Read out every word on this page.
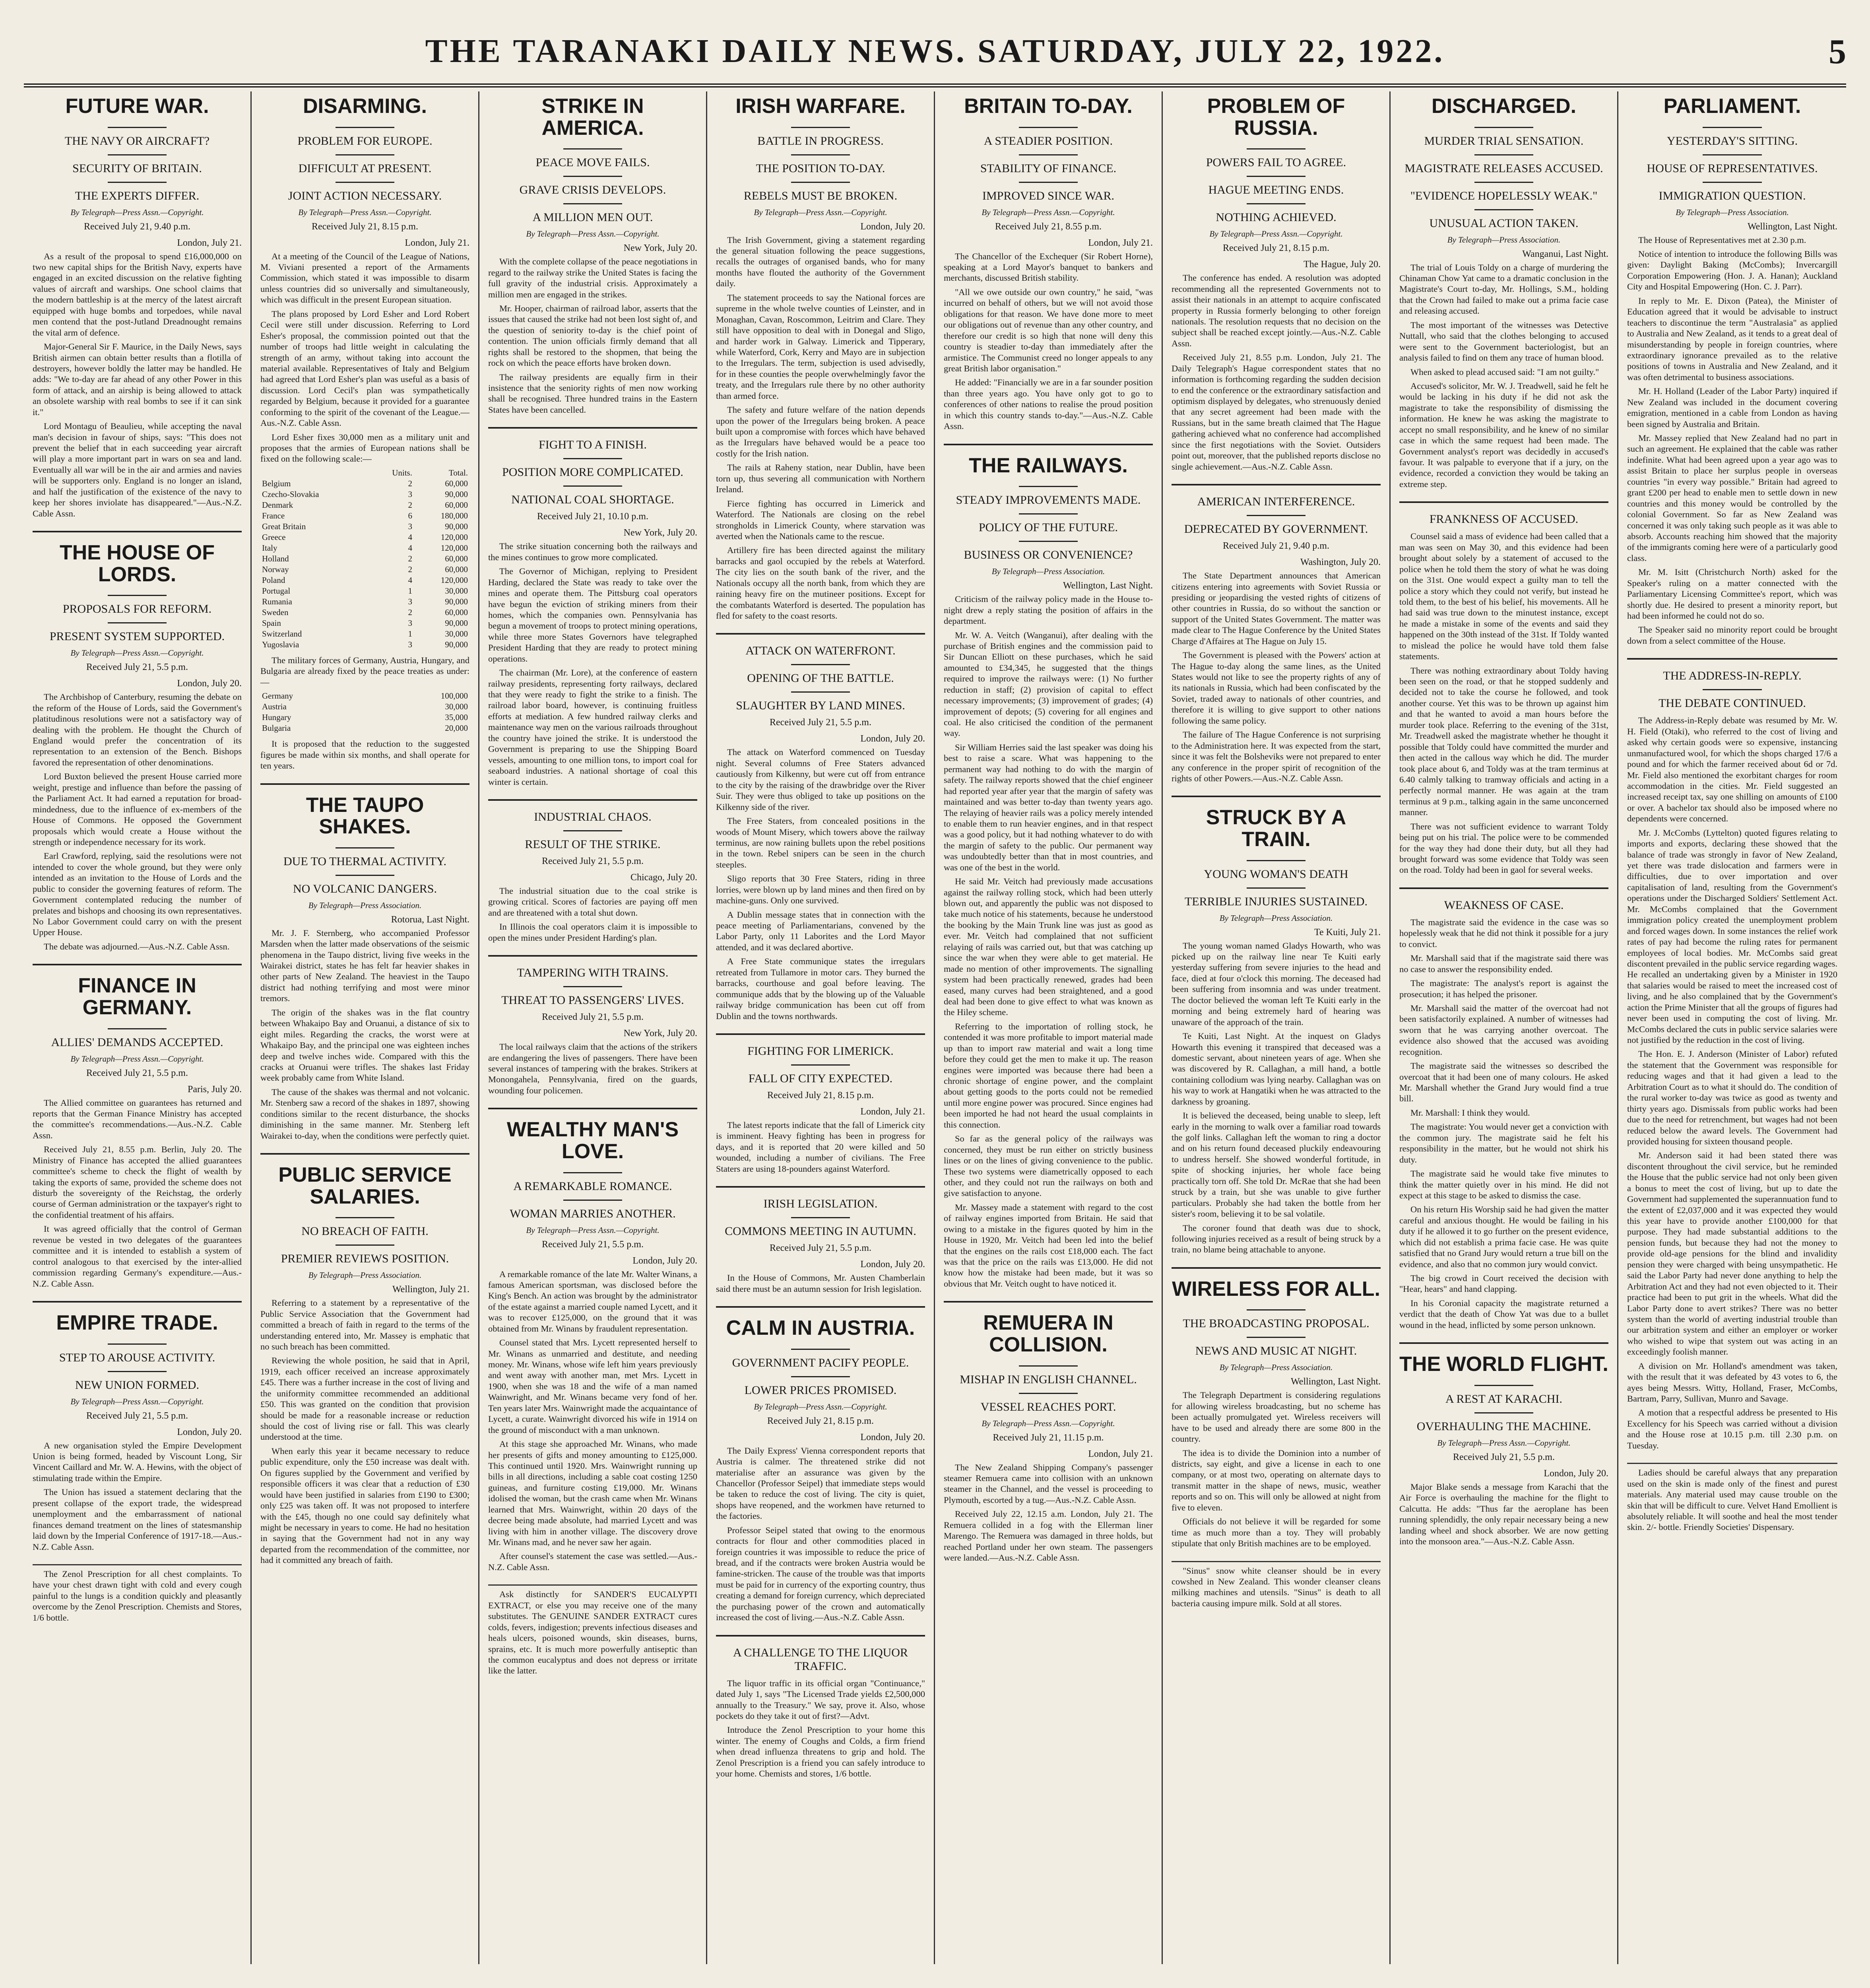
THE TARANAKI DAILY NEWS. SATURDAY, JULY 22, 1922.	5
FUTURE WAR.
THE NAVY OR AIRCRAFT?
SECURITY OF BRITAIN.
THE EXPERTS DIFFER.
By Telegraph—Press Assn.—Copyright.
Received July 21, 9.40 p.m.
London, July 21.

As a result of the proposal to spend £16,000,000 on two new capital ships for the British Navy, experts have engaged in an excited discussion on the relative fighting values of aircraft and warships. One school claims that the modern battleship is at the mercy of the latest aircraft equipped with huge bombs and torpedoes, while naval men contend that the post-Jutland Dreadnought remains the vital arm of defence.

Major-General Sir F. Maurice, in the Daily News, says British airmen can obtain better results than a flotilla of destroyers, however boldly the latter may be handled. He adds: "We to-day are far ahead of any other Power in this form of attack, and an airship is being allowed to attack an obsolete warship with real bombs to see if it can sink it."

Lord Montagu of Beaulieu, while accepting the naval man's decision in favour of ships, says: "This does not prevent the belief that in each succeeding year aircraft will play a more important part in wars on sea and land. Eventually all war will be in the air and armies and navies will be supporters only. England is no longer an island, and half the justification of the existence of the navy to keep her shores inviolate has disappeared."—Aus.-N.Z. Cable Assn.

THE HOUSE OF LORDS.
PROPOSALS FOR REFORM.
PRESENT SYSTEM SUPPORTED.
By Telegraph—Press Assn.—Copyright.
Received July 21, 5.5 p.m.
London, July 20.

The Archbishop of Canterbury, resuming the debate on the reform of the House of Lords, said the Government's platitudinous resolutions were not a satisfactory way of dealing with the problem. He thought the Church of England would prefer the concentration of its representation to an extension of the Bench. Bishops favored the representation of other denominations.

Lord Buxton believed the present House carried more weight, prestige and influence than before the passing of the Parliament Act. It had earned a reputation for broad-mindedness, due to the influence of ex-members of the House of Commons. He opposed the Government proposals which would create a House without the strength or independence necessary for its work.

Earl Crawford, replying, said the resolutions were not intended to cover the whole ground, but they were only intended as an invitation to the House of Lords and the public to consider the governing features of reform. The Government contemplated reducing the number of prelates and bishops and choosing its own representatives. No Labor Government could carry on with the present Upper House.

The debate was adjourned.—Aus.-N.Z. Cable Assn.

FINANCE IN GERMANY.
ALLIES' DEMANDS ACCEPTED.
By Telegraph—Press Assn.—Copyright.
Received July 21, 5.5 p.m.
Paris, July 20.

The Allied committee on guarantees has returned and reports that the German Finance Ministry has accepted the committee's recommendations.—Aus.-N.Z. Cable Assn.

Received July 21, 8.55 p.m. Berlin, July 20. The Ministry of Finance has accepted the allied guarantees committee's scheme to check the flight of wealth by taking the exports of same, provided the scheme does not disturb the sovereignty of the Reichstag, the orderly course of German administration or the taxpayer's right to the confidential treatment of his affairs.

It was agreed officially that the control of German revenue be vested in two delegates of the guarantees committee and it is intended to establish a system of control analogous to that exercised by the inter-allied commission regarding Germany's expenditure.—Aus.-N.Z. Cable Assn.

EMPIRE TRADE.
STEP TO AROUSE ACTIVITY.
NEW UNION FORMED.
By Telegraph—Press Assn.—Copyright.
Received July 21, 5.5 p.m.
London, July 20.

A new organisation styled the Empire Development Union is being formed, headed by Viscount Long, Sir Vincent Caillard and Mr. W. A. Hewins, with the object of stimulating trade within the Empire.

The Union has issued a statement declaring that the present collapse of the export trade, the widespread unemployment and the embarrassment of national finances demand treatment on the lines of statesmanship laid down by the Imperial Conference of 1917-18.—Aus.-N.Z. Cable Assn.

The Zenol Prescription for all chest complaints. To have your chest drawn tight with cold and every cough painful to the lungs is a condition quickly and pleasantly overcome by the Zenol Prescription. Chemists and Stores, 1/6 bottle.

DISARMING.
PROBLEM FOR EUROPE.
DIFFICULT AT PRESENT.
JOINT ACTION NECESSARY.
By Telegraph—Press Assn.—Copyright.
Received July 21, 8.15 p.m.
London, July 21.

At a meeting of the Council of the League of Nations, M. Viviani presented a report of the Armaments Commission, which stated it was impossible to disarm unless countries did so universally and simultaneously, which was difficult in the present European situation.

The plans proposed by Lord Esher and Lord Robert Cecil were still under discussion. Referring to Lord Esher's proposal, the commission pointed out that the number of troops had little weight in calculating the strength of an army, without taking into account the material available. Representatives of Italy and Belgium had agreed that Lord Esher's plan was useful as a basis of discussion. Lord Cecil's plan was sympathetically regarded by Belgium, because it provided for a guarantee conforming to the spirit of the covenant of the League.—Aus.-N.Z. Cable Assn.

Lord Esher fixes 30,000 men as a military unit and proposes that the armies of European nations shall be fixed on the following scale:—

	Units.	Total.
Belgium	2	60,000
Czecho-Slovakia	3	90,000
Denmark	2	60,000
France	6	180,000
Great Britain	3	90,000
Greece	4	120,000
Italy	4	120,000
Holland	2	60,000
Norway	2	60,000
Poland	4	120,000
Portugal	1	30,000
Rumania	3	90,000
Sweden	2	60,000
Spain	3	90,000
Switzerland	1	30,000
Yugoslavia	3	90,000

The military forces of Germany, Austria, Hungary, and Bulgaria are already fixed by the peace treaties as under:—

Germany	100,000
Austria	30,000
Hungary	35,000
Bulgaria	20,000

It is proposed that the reduction to the suggested figures be made within six months, and shall operate for ten years.

THE TAUPO SHAKES.
DUE TO THERMAL ACTIVITY.
NO VOLCANIC DANGERS.
By Telegraph—Press Association.
Rotorua, Last Night.

Mr. J. F. Sternberg, who accompanied Professor Marsden when the latter made observations of the seismic phenomena in the Taupo district, living five weeks in the Wairakei district, states he has felt far heavier shakes in other parts of New Zealand. The heaviest in the Taupo district had nothing terrifying and most were minor tremors.

The origin of the shakes was in the flat country between Whakaipo Bay and Oruanui, a distance of six to eight miles. Regarding the cracks, the worst were at Whakaipo Bay, and the principal one was eighteen inches deep and twelve inches wide. Compared with this the cracks at Oruanui were trifles. The shakes last Friday week probably came from White Island.

The cause of the shakes was thermal and not volcanic. Mr. Stenberg saw a record of the shakes in 1897, showing conditions similar to the recent disturbance, the shocks diminishing in the same manner. Mr. Stenberg left Wairakei to-day, when the conditions were perfectly quiet.

PUBLIC SERVICE SALARIES.
NO BREACH OF FAITH.
PREMIER REVIEWS POSITION.
By Telegraph—Press Association.
Wellington, July 21.

Referring to a statement by a representative of the Public Service Association that the Government had committed a breach of faith in regard to the terms of the understanding entered into, Mr. Massey is emphatic that no such breach has been committed.

Reviewing the whole position, he said that in April, 1919, each officer received an increase approximately £45. There was a further increase in the cost of living and the uniformity committee recommended an additional £50. This was granted on the condition that provision should be made for a reasonable increase or reduction should the cost of living rise or fall. This was clearly understood at the time.

When early this year it became necessary to reduce public expenditure, only the £50 increase was dealt with. On figures supplied by the Government and verified by responsible officers it was clear that a reduction of £30 would have been justified in salaries from £190 to £300; only £25 was taken off. It was not proposed to interfere with the £45, though no one could say definitely what might be necessary in years to come. He had no hesitation in saying that the Government had not in any way departed from the recommendation of the committee, nor had it committed any breach of faith.

STRIKE IN AMERICA.
PEACE MOVE FAILS.
GRAVE CRISIS DEVELOPS.
A MILLION MEN OUT.
By Telegraph—Press Assn.—Copyright.
New York, July 20.

With the complete collapse of the peace negotiations in regard to the railway strike the United States is facing the full gravity of the industrial crisis. Approximately a million men are engaged in the strikes.

Mr. Hooper, chairman of railroad labor, asserts that the issues that caused the strike had not been lost sight of, and the question of seniority to-day is the chief point of contention. The union officials firmly demand that all rights shall be restored to the shopmen, that being the rock on which the peace efforts have broken down.

The railway presidents are equally firm in their insistence that the seniority rights of men now working shall be recognised. Three hundred trains in the Eastern States have been cancelled.

FIGHT TO A FINISH.
POSITION MORE COMPLICATED.
NATIONAL COAL SHORTAGE.
Received July 21, 10.10 p.m.
New York, July 20.

The strike situation concerning both the railways and the mines continues to grow more complicated.

The Governor of Michigan, replying to President Harding, declared the State was ready to take over the mines and operate them. The Pittsburg coal operators have begun the eviction of striking miners from their homes, which the companies own. Pennsylvania has begun a movement of troops to protect mining operations, while three more States Governors have telegraphed President Harding that they are ready to protect mining operations.

The chairman (Mr. Lore), at the conference of eastern railway presidents, representing forty railways, declared that they were ready to fight the strike to a finish. The railroad labor board, however, is continuing fruitless efforts at mediation. A few hundred railway clerks and maintenance way men on the various railroads throughout the country have joined the strike. It is understood the Government is preparing to use the Shipping Board vessels, amounting to one million tons, to import coal for seaboard industries. A national shortage of coal this winter is certain.

INDUSTRIAL CHAOS.
RESULT OF THE STRIKE.
Received July 21, 5.5 p.m.
Chicago, July 20.

The industrial situation due to the coal strike is growing critical. Scores of factories are paying off men and are threatened with a total shut down.

In Illinois the coal operators claim it is impossible to open the mines under President Harding's plan.

TAMPERING WITH TRAINS.
THREAT TO PASSENGERS' LIVES.
Received July 21, 5.5 p.m.
New York, July 20.

The local railways claim that the actions of the strikers are endangering the lives of passengers. There have been several instances of tampering with the brakes. Strikers at Monongahela, Pennsylvania, fired on the guards, wounding four policemen.

WEALTHY MAN'S LOVE.
A REMARKABLE ROMANCE.
WOMAN MARRIES ANOTHER.
By Telegraph—Press Assn.—Copyright.
Received July 21, 5.5 p.m.
London, July 20.

A remarkable romance of the late Mr. Walter Winans, a famous American sportsman, was disclosed before the King's Bench. An action was brought by the administrator of the estate against a married couple named Lycett, and it was to recover £125,000, on the ground that it was obtained from Mr. Winans by fraudulent representation.

Counsel stated that Mrs. Lycett represented herself to Mr. Winans as unmarried and destitute, and needing money. Mr. Winans, whose wife left him years previously and went away with another man, met Mrs. Lycett in 1900, when she was 18 and the wife of a man named Wainwright, and Mr. Winans became very fond of her. Ten years later Mrs. Wainwright made the acquaintance of Lycett, a curate. Wainwright divorced his wife in 1914 on the ground of misconduct with a man unknown.

At this stage she approached Mr. Winans, who made her presents of gifts and money amounting to £125,000. This continued until 1920. Mrs. Wainwright running up bills in all directions, including a sable coat costing 1250 guineas, and furniture costing £19,000. Mr. Winans idolised the woman, but the crash came when Mr. Winans learned that Mrs. Wainwright, within 20 days of the decree being made absolute, had married Lycett and was living with him in another village. The discovery drove Mr. Winans mad, and he never saw her again.

After counsel's statement the case was settled.—Aus.-N.Z. Cable Assn.

Ask distinctly for SANDER'S EUCALYPTI EXTRACT, or else you may receive one of the many substitutes. The GENUINE SANDER EXTRACT cures colds, fevers, indigestion; prevents infectious diseases and heals ulcers, poisoned wounds, skin diseases, burns, sprains, etc. It is much more powerfully antiseptic than the common eucalyptus and does not depress or irritate like the latter.

IRISH WARFARE.
BATTLE IN PROGRESS.
THE POSITION TO-DAY.
REBELS MUST BE BROKEN.
By Telegraph—Press Assn.—Copyright.
London, July 20.

The Irish Government, giving a statement regarding the general situation following the peace suggestions, recalls the outrages of organised bands, who for many months have flouted the authority of the Government daily.

The statement proceeds to say the National forces are supreme in the whole twelve counties of Leinster, and in Monaghan, Cavan, Roscommon, Leitrim and Clare. They still have opposition to deal with in Donegal and Sligo, and harder work in Galway. Limerick and Tipperary, while Waterford, Cork, Kerry and Mayo are in subjection to the Irregulars. The term, subjection is used advisedly, for in these counties the people overwhelmingly favor the treaty, and the Irregulars rule there by no other authority than armed force.

The safety and future welfare of the nation depends upon the power of the Irregulars being broken. A peace built upon a compromise with forces which have behaved as the Irregulars have behaved would be a peace too costly for the Irish nation.

The rails at Raheny station, near Dublin, have been torn up, thus severing all communication with Northern Ireland.

Fierce fighting has occurred in Limerick and Waterford. The Nationals are closing on the rebel strongholds in Limerick County, where starvation was averted when the Nationals came to the rescue.

Artillery fire has been directed against the military barracks and gaol occupied by the rebels at Waterford. The city lies on the south bank of the river, and the Nationals occupy all the north bank, from which they are raining heavy fire on the mutineer positions. Except for the combatants Waterford is deserted. The population has fled for safety to the coast resorts.

ATTACK ON WATERFRONT.
OPENING OF THE BATTLE.
SLAUGHTER BY LAND MINES.
Received July 21, 5.5 p.m.
London, July 20.

The attack on Waterford commenced on Tuesday night. Several columns of Free Staters advanced cautiously from Kilkenny, but were cut off from entrance to the city by the raising of the drawbridge over the River Suir. They were thus obliged to take up positions on the Kilkenny side of the river.

The Free Staters, from concealed positions in the woods of Mount Misery, which towers above the railway terminus, are now raining bullets upon the rebel positions in the town. Rebel snipers can be seen in the church steeples.

Sligo reports that 30 Free Staters, riding in three lorries, were blown up by land mines and then fired on by machine-guns. Only one survived.

A Dublin message states that in connection with the peace meeting of Parliamentarians, convened by the Labor Party, only 11 Laborites and the Lord Mayor attended, and it was declared abortive.

A Free State communique states the irregulars retreated from Tullamore in motor cars. They burned the barracks, courthouse and goal before leaving. The communique adds that by the blowing up of the Valuable railway bridge communication has been cut off from Dublin and the towns northwards.

FIGHTING FOR LIMERICK.
FALL OF CITY EXPECTED.
Received July 21, 8.15 p.m.
London, July 21.

The latest reports indicate that the fall of Limerick city is imminent. Heavy fighting has been in progress for days, and it is reported that 20 were killed and 50 wounded, including a number of civilians. The Free Staters are using 18-pounders against Waterford.

IRISH LEGISLATION.
COMMONS MEETING IN AUTUMN.
Received July 21, 5.5 p.m.
London, July 20.

In the House of Commons, Mr. Austen Chamberlain said there must be an autumn session for Irish legislation.

CALM IN AUSTRIA.
GOVERNMENT PACIFY PEOPLE.
LOWER PRICES PROMISED.
By Telegraph—Press Assn.—Copyright.
Received July 21, 8.15 p.m.
London, July 20.

The Daily Express' Vienna correspondent reports that Austria is calmer. The threatened strike did not materialise after an assurance was given by the Chancellor (Professor Seipel) that immediate steps would be taken to reduce the cost of living. The city is quiet, shops have reopened, and the workmen have returned to the factories.

Professor Seipel stated that owing to the enormous contracts for flour and other commodities placed in foreign countries it was impossible to reduce the price of bread, and if the contracts were broken Austria would be famine-stricken. The cause of the trouble was that imports must be paid for in currency of the exporting country, thus creating a demand for foreign currency, which depreciated the purchasing power of the crown and automatically increased the cost of living.—Aus.-N.Z. Cable Assn.

A CHALLENGE TO THE LIQUOR TRAFFIC.

The liquor traffic in its official organ "Continuance," dated July 1, says "The Licensed Trade yields £2,500,000 annually to the Treasury." We say, prove it. Also, whose pockets do they take it out of first?—Advt.

Introduce the Zenol Prescription to your home this winter. The enemy of Coughs and Colds, a firm friend when dread influenza threatens to grip and hold. The Zenol Prescription is a friend you can safely introduce to your home. Chemists and stores, 1/6 bottle.

BRITAIN TO-DAY.
A STEADIER POSITION.
STABILITY OF FINANCE.
IMPROVED SINCE WAR.
By Telegraph—Press Assn.—Copyright.
Received July 21, 8.55 p.m.
London, July 21.

The Chancellor of the Exchequer (Sir Robert Horne), speaking at a Lord Mayor's banquet to bankers and merchants, discussed British stability.

"All we owe outside our own country," he said, "was incurred on behalf of others, but we will not avoid those obligations for that reason. We have done more to meet our obligations out of revenue than any other country, and therefore our credit is so high that none will deny this country is steadier to-day than immediately after the armistice. The Communist creed no longer appeals to any great British labor organisation."

He added: "Financially we are in a far sounder position than three years ago. You have only got to go to conferences of other nations to realise the proud position in which this country stands to-day."—Aus.-N.Z. Cable Assn.

THE RAILWAYS.
STEADY IMPROVEMENTS MADE.
POLICY OF THE FUTURE.
BUSINESS OR CONVENIENCE?
By Telegraph—Press Association.
Wellington, Last Night.

Criticism of the railway policy made in the House to-night drew a reply stating the position of affairs in the department.

Mr. W. A. Veitch (Wanganui), after dealing with the purchase of British engines and the commission paid to Sir Duncan Elliott on these purchases, which he said amounted to £34,345, he suggested that the things required to improve the railways were: (1) No further reduction in staff; (2) provision of capital to effect necessary improvements; (3) improvement of grades; (4) improvement of depots; (5) covering for all engines and coal. He also criticised the condition of the permanent way.

Sir William Herries said the last speaker was doing his best to raise a scare. What was happening to the permanent way had nothing to do with the margin of safety. The railway reports showed that the chief engineer had reported year after year that the margin of safety was maintained and was better to-day than twenty years ago. The relaying of heavier rails was a policy merely intended to enable them to run heavier engines, and in that respect was a good policy, but it had nothing whatever to do with the margin of safety to the public. Our permanent way was undoubtedly better than that in most countries, and was one of the best in the world.

He said Mr. Veitch had previously made accusations against the railway rolling stock, which had been utterly blown out, and apparently the public was not disposed to take much notice of his statements, because he understood the booking by the Main Trunk line was just as good as ever. Mr. Veitch had complained that not sufficient relaying of rails was carried out, but that was catching up since the war when they were able to get material. He made no mention of other improvements. The signalling system had been practically renewed, grades had been eased, many curves had been straightened, and a good deal had been done to give effect to what was known as the Hiley scheme.

Referring to the importation of rolling stock, he contended it was more profitable to import material made up than to import raw material and wait a long time before they could get the men to make it up. The reason engines were imported was because there had been a chronic shortage of engine power, and the complaint about getting goods to the ports could not be remedied until more engine power was procured. Since engines had been imported he had not heard the usual complaints in this connection.

So far as the general policy of the railways was concerned, they must be run either on strictly business lines or on the lines of giving convenience to the public. These two systems were diametrically opposed to each other, and they could not run the railways on both and give satisfaction to anyone.

Mr. Massey made a statement with regard to the cost of railway engines imported from Britain. He said that owing to a mistake in the figures quoted by him in the House in 1920, Mr. Veitch had been led into the belief that the engines on the rails cost £18,000 each. The fact was that the price on the rails was £13,000. He did not know how the mistake had been made, but it was so obvious that Mr. Veitch ought to have noticed it.

REMUERA IN COLLISION.
MISHAP IN ENGLISH CHANNEL.
VESSEL REACHES PORT.
By Telegraph—Press Assn.—Copyright.
Received July 21, 11.15 p.m.
London, July 21.

The New Zealand Shipping Company's passenger steamer Remuera came into collision with an unknown steamer in the Channel, and the vessel is proceeding to Plymouth, escorted by a tug.—Aus.-N.Z. Cable Assn.

Received July 22, 12.15 a.m. London, July 21. The Remuera collided in a fog with the Ellerman liner Marengo. The Remuera was damaged in three holds, but reached Portland under her own steam. The passengers were landed.—Aus.-N.Z. Cable Assn.

PROBLEM OF RUSSIA.
POWERS FAIL TO AGREE.
HAGUE MEETING ENDS.
NOTHING ACHIEVED.
By Telegraph—Press Assn.—Copyright.
Received July 21, 8.15 p.m.
The Hague, July 20.

The conference has ended. A resolution was adopted recommending all the represented Governments not to assist their nationals in an attempt to acquire confiscated property in Russia formerly belonging to other foreign nationals. The resolution requests that no decision on the subject shall be reached except jointly.—Aus.-N.Z. Cable Assn.

Received July 21, 8.55 p.m. London, July 21. The Daily Telegraph's Hague correspondent states that no information is forthcoming regarding the sudden decision to end the conference or the extraordinary satisfaction and optimism displayed by delegates, who strenuously denied that any secret agreement had been made with the Russians, but in the same breath claimed that The Hague gathering achieved what no conference had accomplished since the first negotiations with the Soviet. Outsiders point out, moreover, that the published reports disclose no single achievement.—Aus.-N.Z. Cable Assn.

AMERICAN INTERFERENCE.
DEPRECATED BY GOVERNMENT.
Received July 21, 9.40 p.m.
Washington, July 20.

The State Department announces that American citizens entering into agreements with Soviet Russia or presiding or jeopardising the vested rights of citizens of other countries in Russia, do so without the sanction or support of the United States Government. The matter was made clear to The Hague Conference by the United States Charge d'Affaires at The Hague on July 15.

The Government is pleased with the Powers' action at The Hague to-day along the same lines, as the United States would not like to see the property rights of any of its nationals in Russia, which had been confiscated by the Soviet, traded away to nationals of other countries, and therefore it is willing to give support to other nations following the same policy.

The failure of The Hague Conference is not surprising to the Administration here. It was expected from the start, since it was felt the Bolsheviks were not prepared to enter any conference in the proper spirit of recognition of the rights of other Powers.—Aus.-N.Z. Cable Assn.

STRUCK BY A TRAIN.
YOUNG WOMAN'S DEATH
TERRIBLE INJURIES SUSTAINED.
By Telegraph—Press Association.
Te Kuiti, July 21.

The young woman named Gladys Howarth, who was picked up on the railway line near Te Kuiti early yesterday suffering from severe injuries to the head and face, died at four o'clock this morning. The deceased had been suffering from insomnia and was under treatment. The doctor believed the woman left Te Kuiti early in the morning and being extremely hard of hearing was unaware of the approach of the train.

Te Kuiti, Last Night. At the inquest on Gladys Howarth this evening it transpired that deceased was a domestic servant, about nineteen years of age. When she was discovered by R. Callaghan, a mill hand, a bottle containing collodium was lying nearby. Callaghan was on his way to work at Hangatiki when he was attracted to the darkness by groaning.

It is believed the deceased, being unable to sleep, left early in the morning to walk over a familiar road towards the golf links. Callaghan left the woman to ring a doctor and on his return found deceased pluckily endeavouring to undress herself. She showed wonderful fortitude, in spite of shocking injuries, her whole face being practically torn off. She told Dr. McRae that she had been struck by a train, but she was unable to give further particulars. Probably she had taken the bottle from her sister's room, believing it to be sal volatile.

The coroner found that death was due to shock, following injuries received as a result of being struck by a train, no blame being attachable to anyone.

WIRELESS FOR ALL.
THE BROADCASTING PROPOSAL.
NEWS AND MUSIC AT NIGHT.
By Telegraph—Press Association.
Wellington, Last Night.

The Telegraph Department is considering regulations for allowing wireless broadcasting, but no scheme has been actually promulgated yet. Wireless receivers will have to be used and already there are some 800 in the country.

The idea is to divide the Dominion into a number of districts, say eight, and give a license in each to one company, or at most two, operating on alternate days to transmit matter in the shape of news, music, weather reports and so on. This will only be allowed at night from five to eleven.

Officials do not believe it will be regarded for some time as much more than a toy. They will probably stipulate that only British machines are to be employed.

"Sinus" snow white cleanser should be in every cowshed in New Zealand. This wonder cleanser cleans milking machines and utensils. "Sinus" is death to all bacteria causing impure milk. Sold at all stores.

DISCHARGED.
MURDER TRIAL SENSATION.
MAGISTRATE RELEASES ACCUSED.
"EVIDENCE HOPELESSLY WEAK."
UNUSUAL ACTION TAKEN.
By Telegraph—Press Association.
Wanganui, Last Night.

The trial of Louis Toldy on a charge of murdering the Chinaman Chow Yat came to a dramatic conclusion in the Magistrate's Court to-day, Mr. Hollings, S.M., holding that the Crown had failed to make out a prima facie case and releasing accused.

The most important of the witnesses was Detective Nuttall, who said that the clothes belonging to accused were sent to the Government bacteriologist, but an analysis failed to find on them any trace of human blood.

When asked to plead accused said: "I am not guilty."

Accused's solicitor, Mr. W. J. Treadwell, said he felt he would be lacking in his duty if he did not ask the magistrate to take the responsibility of dismissing the information. He knew he was asking the magistrate to accept no small responsibility, and he knew of no similar case in which the same request had been made. The Government analyst's report was decidedly in accused's favour. It was palpable to everyone that if a jury, on the evidence, recorded a conviction they would be taking an extreme step.

FRANKNESS OF ACCUSED.

Counsel said a mass of evidence had been called that a man was seen on May 30, and this evidence had been brought about solely by a statement of accused to the police when he told them the story of what he was doing on the 31st. One would expect a guilty man to tell the police a story which they could not verify, but instead he told them, to the best of his belief, his movements. All he had said was true down to the minutest instance, except he made a mistake in some of the events and said they happened on the 30th instead of the 31st. If Toldy wanted to mislead the police he would have told them false statements.

There was nothing extraordinary about Toldy having been seen on the road, or that he stopped suddenly and decided not to take the course he followed, and took another course. Yet this was to be thrown up against him and that he wanted to avoid a man hours before the murder took place. Referring to the evening of the 31st, Mr. Treadwell asked the magistrate whether he thought it possible that Toldy could have committed the murder and then acted in the callous way which he did. The murder took place about 6, and Toldy was at the tram terminus at 6.40 calmly talking to tramway officials and acting in a perfectly normal manner. He was again at the tram terminus at 9 p.m., talking again in the same unconcerned manner.

There was not sufficient evidence to warrant Toldy being put on his trial. The police were to be commended for the way they had done their duty, but all they had brought forward was some evidence that Toldy was seen on the road. Toldy had been in gaol for several weeks.

WEAKNESS OF CASE.

The magistrate said the evidence in the case was so hopelessly weak that he did not think it possible for a jury to convict.

Mr. Marshall said that if the magistrate said there was no case to answer the responsibility ended.

The magistrate: The analyst's report is against the prosecution; it has helped the prisoner.

Mr. Marshall said the matter of the overcoat had not been satisfactorily explained. A number of witnesses had sworn that he was carrying another overcoat. The evidence also showed that the accused was avoiding recognition.

The magistrate said the witnesses so described the overcoat that it had been one of many colours. He asked Mr. Marshall whether the Grand Jury would find a true bill.

Mr. Marshall: I think they would.

The magistrate: You would never get a conviction with the common jury. The magistrate said he felt his responsibility in the matter, but he would not shirk his duty.

The magistrate said he would take five minutes to think the matter quietly over in his mind. He did not expect at this stage to be asked to dismiss the case.

On his return His Worship said he had given the matter careful and anxious thought. He would be failing in his duty if he allowed it to go further on the present evidence, which did not establish a prima facie case. He was quite satisfied that no Grand Jury would return a true bill on the evidence, and also that no common jury would convict.

The big crowd in Court received the decision with "Hear, hears" and hand clapping.

In his Coronial capacity the magistrate returned a verdict that the death of Chow Yat was due to a bullet wound in the head, inflicted by some person unknown.

THE WORLD FLIGHT.
A REST AT KARACHI.
OVERHAULING THE MACHINE.
By Telegraph—Press Assn.—Copyright.
Received July 21, 5.5 p.m.
London, July 20.

Major Blake sends a message from Karachi that the Air Force is overhauling the machine for the flight to Calcutta. He adds: "Thus far the aeroplane has been running splendidly, the only repair necessary being a new landing wheel and shock absorber. We are now getting into the monsoon area."—Aus.-N.Z. Cable Assn.

PARLIAMENT.
YESTERDAY'S SITTING.
HOUSE OF REPRESENTATIVES.
IMMIGRATION QUESTION.
By Telegraph—Press Association.
Wellington, Last Night.

The House of Representatives met at 2.30 p.m.

Notice of intention to introduce the following Bills was given: Daylight Baking (McCombs); Invercargill Corporation Empowering (Hon. J. A. Hanan); Auckland City and Hospital Empowering (Hon. C. J. Parr).

In reply to Mr. E. Dixon (Patea), the Minister of Education agreed that it would be advisable to instruct teachers to discontinue the term "Australasia" as applied to Australia and New Zealand, as it tends to a great deal of misunderstanding by people in foreign countries, where extraordinary ignorance prevailed as to the relative positions of towns in Australia and New Zealand, and it was often detrimental to business associations.

Mr. H. Holland (Leader of the Labor Party) inquired if New Zealand was included in the document covering emigration, mentioned in a cable from London as having been signed by Australia and Britain.

Mr. Massey replied that New Zealand had no part in such an agreement. He explained that the cable was rather indefinite. What had been agreed upon a year ago was to assist Britain to place her surplus people in overseas countries "in every way possible." Britain had agreed to grant £200 per head to enable men to settle down in new countries and this money would be controlled by the colonial Government. So far as New Zealand was concerned it was only taking such people as it was able to absorb. Accounts reaching him showed that the majority of the immigrants coming here were of a particularly good class.

Mr. M. Isitt (Christchurch North) asked for the Speaker's ruling on a matter connected with the Parliamentary Licensing Committee's report, which was shortly due. He desired to present a minority report, but had been informed he could not do so.

The Speaker said no minority report could be brought down from a select committee of the House.

THE ADDRESS-IN-REPLY.
THE DEBATE CONTINUED.

The Address-in-Reply debate was resumed by Mr. W. H. Field (Otaki), who referred to the cost of living and asked why certain goods were so expensive, instancing unmanufactured wool, for which the shops charged 17/6 a pound and for which the farmer received about 6d or 7d. Mr. Field also mentioned the exorbitant charges for room accommodation in the cities. Mr. Field suggested an increased receipt tax, say one shilling on amounts of £100 or over. A bachelor tax should also be imposed where no dependents were concerned.

Mr. J. McCombs (Lyttelton) quoted figures relating to imports and exports, declaring these showed that the balance of trade was strongly in favor of New Zealand, yet there was trade dislocation and farmers were in difficulties, due to over importation and over capitalisation of land, resulting from the Government's operations under the Discharged Soldiers' Settlement Act. Mr. McCombs complained that the Government immigration policy created the unemployment problem and forced wages down. In some instances the relief work rates of pay had become the ruling rates for permanent employees of local bodies. Mr. McCombs said great discontent prevailed in the public service regarding wages. He recalled an undertaking given by a Minister in 1920 that salaries would be raised to meet the increased cost of living, and he also complained that by the Government's action the Prime Minister that all the groups of figures had never been used in computing the cost of living. Mr. McCombs declared the cuts in public service salaries were not justified by the reduction in the cost of living.

The Hon. E. J. Anderson (Minister of Labor) refuted the statement that the Government was responsible for reducing wages and that it had given a lead to the Arbitration Court as to what it should do. The condition of the rural worker to-day was twice as good as twenty and thirty years ago. Dismissals from public works had been due to the need for retrenchment, but wages had not been reduced below the award levels. The Government had provided housing for sixteen thousand people.

Mr. Anderson said it had been stated there was discontent throughout the civil service, but he reminded the House that the public service had not only been given a bonus to meet the cost of living, but up to date the Government had supplemented the superannuation fund to the extent of £2,037,000 and it was expected they would this year have to provide another £100,000 for that purpose. They had made substantial additions to the pension funds, but because they had not the money to provide old-age pensions for the blind and invalidity pension they were charged with being unsympathetic. He said the Labor Party had never done anything to help the Arbitration Act and they had not even objected to it. Their practice had been to put grit in the wheels. What did the Labor Party done to avert strikes? There was no better system than the world of averting industrial trouble than our arbitration system and either an employer or worker who wished to wipe that system out was acting in an exceedingly foolish manner.

A division on Mr. Holland's amendment was taken, with the result that it was defeated by 43 votes to 6, the ayes being Messrs. Witty, Holland, Fraser, McCombs, Bartram, Parry, Sullivan, Munro and Savage.

A motion that a respectful address be presented to His Excellency for his Speech was carried without a division and the House rose at 10.15 p.m. till 2.30 p.m. on Tuesday.

Ladies should be careful always that any preparation used on the skin is made only of the finest and purest materials. Any material used may cause trouble on the skin that will be difficult to cure. Velvet Hand Emollient is absolutely reliable. It will soothe and heal the most tender skin. 2/- bottle. Friendly Societies' Dispensary.
